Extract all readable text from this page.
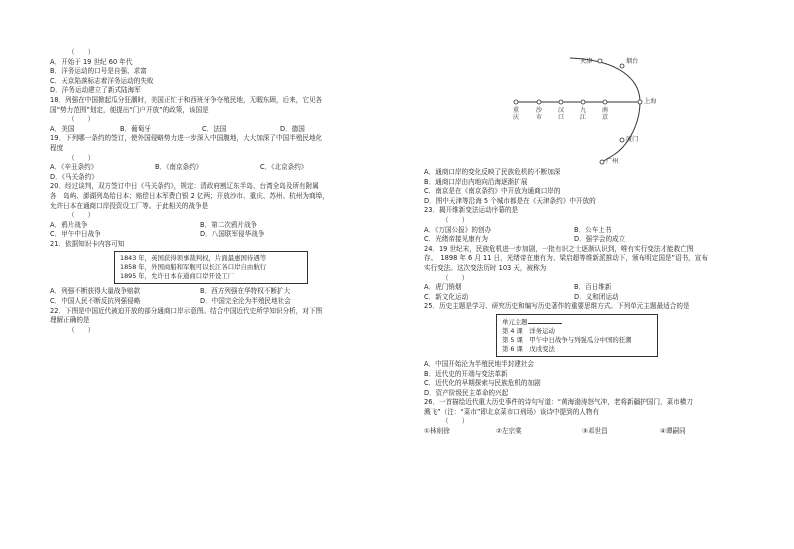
（　　）
A．开始于 19 世纪 60 年代
B．洋务运动的口号是自强、求富
C．天京陷落标志着洋务运动的失败
D．洋务运动建立了新式陆海军
18．列强在中国掀起瓜分狂潮时，美国正忙于和西班牙争夺殖民地，无暇东顾，后来，它见各
国“势力范围”划定，便提出“门户开放”的政策，该国是
（　　）
A．美国	B．葡萄牙	C．法国	D．德国
19．下列哪一条约的签订，使外国侵略势力进一步深入中国腹地，大大加深了中国半殖民地化
程度
（　　）
A．《辛丑条约》	B．《南京条约》	C．《北京条约》
D．《马关条约》
20．经过谈判，双方签订中日《马关条约》，规定：清政府割辽东半岛、台湾全岛及所有附属
各　岛屿、澎湖列岛给日本；赔偿日本军费白银 2 亿两；开放沙市、重庆、苏州、杭州为商埠，
允许日本在通商口岸投资设工厂等。于此相关的战争是
（　　）
A．鸦片战争	B．第二次鸦片战争
C．甲午中日战争	D．八国联军侵华战争
21．依据知识卡内容可知
1843 年，英国获得领事裁判权，片面最惠国待遇等
1858 年，外国商船和军舰可以长江各口岸自由航行
1895 年，允许日本在通商口岸开设工厂
A．列强不断获得大量战争赔款	B．西方列强在华特权不断扩大
C．中国人民不断反抗列强侵略	D．中国完全沦为半殖民地社会
22．下图是中国近代被迫开放的部分通商口岸示意图。结合中国近代史所学知识分析，对下图
理解正确的是
（　　）
天津	烟台
上海
厦门
广州
重庆
沙市
汉口
九江
南京
A．通商口岸的变化反映了民族危机的不断加深
B．通商口岸由内地向沿海逐渐扩展
C．南京是在《南京条约》中开放为通商口岸的
D．图中天津等沿海 5 个城市都是在《天津条约》中开放的
23．揭开维新变法运动序幕的是
（　　）
A．《万国公报》的创办	B．公车上书
C．光绪帝接见康有为	D．强学会的成立
24．19 世纪末，民族危机进一步加剧，一批有识之士逐渐认识到，唯有实行变法才能救亡图
存。　1898 年 6 月 11 日，光绪帝在康有为、梁启超等维新派推动下，颁布明定国是”诏书，宣布
实行变法。这次变法历时 103 天，被称为
（　　）
A．虎门销烟	B．百日维新
C．新文化运动	D．义和团运动
25．历史主题是学习、研究历史和编写历史著作的重要思维方式。下列单元主题最适合的是
单元主题
第 4 课　洋务运动
第 5 课　甲午中日战争与列强瓜分中国的狂潮
第 6 课　戊戌变法
A．中国开始沦为半殖民地半封建社会
B．近代史的开端与变法革新
C．近代化的早期探索与民族危机的加剧
D．资产阶级民主革命的兴起
26．一首描绘近代重大历史事件的诗句写道：“黄海渤涛怒气冲，老将新疆护国门，菜市横刀
溅飞”（注：“菜市”即北京菜市口刑场）该诗中提到的人物有
（　　）
①林则徐	②左宗棠	③邓世昌	④谭嗣同
